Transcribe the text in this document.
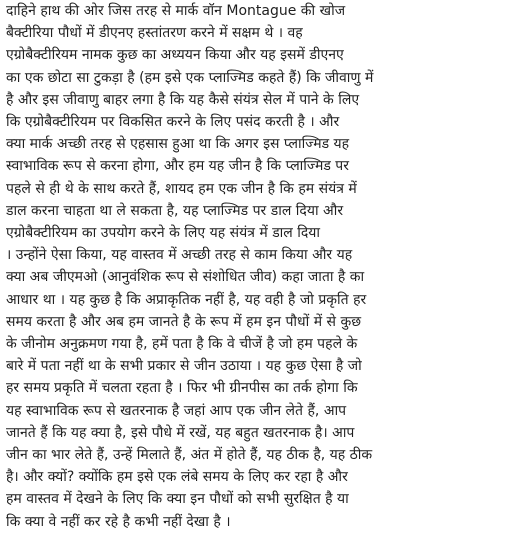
दाहिने हाथ की ओर जिस तरह से मार्क वॉन Montague की खोज
बैक्टीरिया पौधों में डीएनए हस्तांतरण करने में सक्षम थे । वह
एग्रोबैक्टीरियम नामक कुछ का अध्ययन किया और यह इसमें डीएनए
का एक छोटा सा टुकड़ा है (हम इसे एक प्लाज्मिड कहते हैं) कि जीवाणु में
है और इस जीवाणु बाहर लगा है कि यह कैसे संयंत्र सेल में पाने के लिए
कि एग्रोबैक्टीरियम पर विकसित करने के लिए पसंद करती है । और
क्या मार्क अच्छी तरह से एहसास हुआ था कि अगर इस प्लाज्मिड यह
स्वाभाविक रूप से करना होगा, और हम यह जीन है कि प्लाज्मिड पर
पहले से ही थे के साथ करते हैं, शायद हम एक जीन है कि हम संयंत्र में
डाल करना चाहता था ले सकता है, यह प्लाज्मिड पर डाल दिया और
एग्रोबैक्टीरियम का उपयोग करने के लिए यह संयंत्र में डाल दिया
। उन्होंने ऐसा किया, यह वास्तव में अच्छी तरह से काम किया और यह
क्या अब जीएमओ (आनुवंशिक रूप से संशोधित जीव) कहा जाता है का
आधार था । यह कुछ है कि अप्राकृतिक नहीं है, यह वही है जो प्रकृति हर
समय करता है और अब हम जानते है के रूप में हम इन पौधों में से कुछ
के जीनोम अनुक्रमण गया है, हमें पता है कि वे चीजें है जो हम पहले के
बारे में पता नहीं था के सभी प्रकार से जीन उठाया । यह कुछ ऐसा है जो
हर समय प्रकृति में चलता रहता है । फिर भी ग्रीनपीस का तर्क होगा कि
यह स्वाभाविक रूप से खतरनाक है जहां आप एक जीन लेते हैं, आप
जानते हैं कि यह क्या है, इसे पौधे में रखें, यह बहुत खतरनाक है। आप
जीन का भार लेते हैं, उन्हें मिलाते हैं, अंत में होते हैं, यह ठीक है, यह ठीक
है। और क्यों? क्योंकि हम इसे एक लंबे समय के लिए कर रहा है और
हम वास्तव में देखने के लिए कि क्या इन पौधों को सभी सुरक्षित है या
कि क्या वे नहीं कर रहे है कभी नहीं देखा है ।
